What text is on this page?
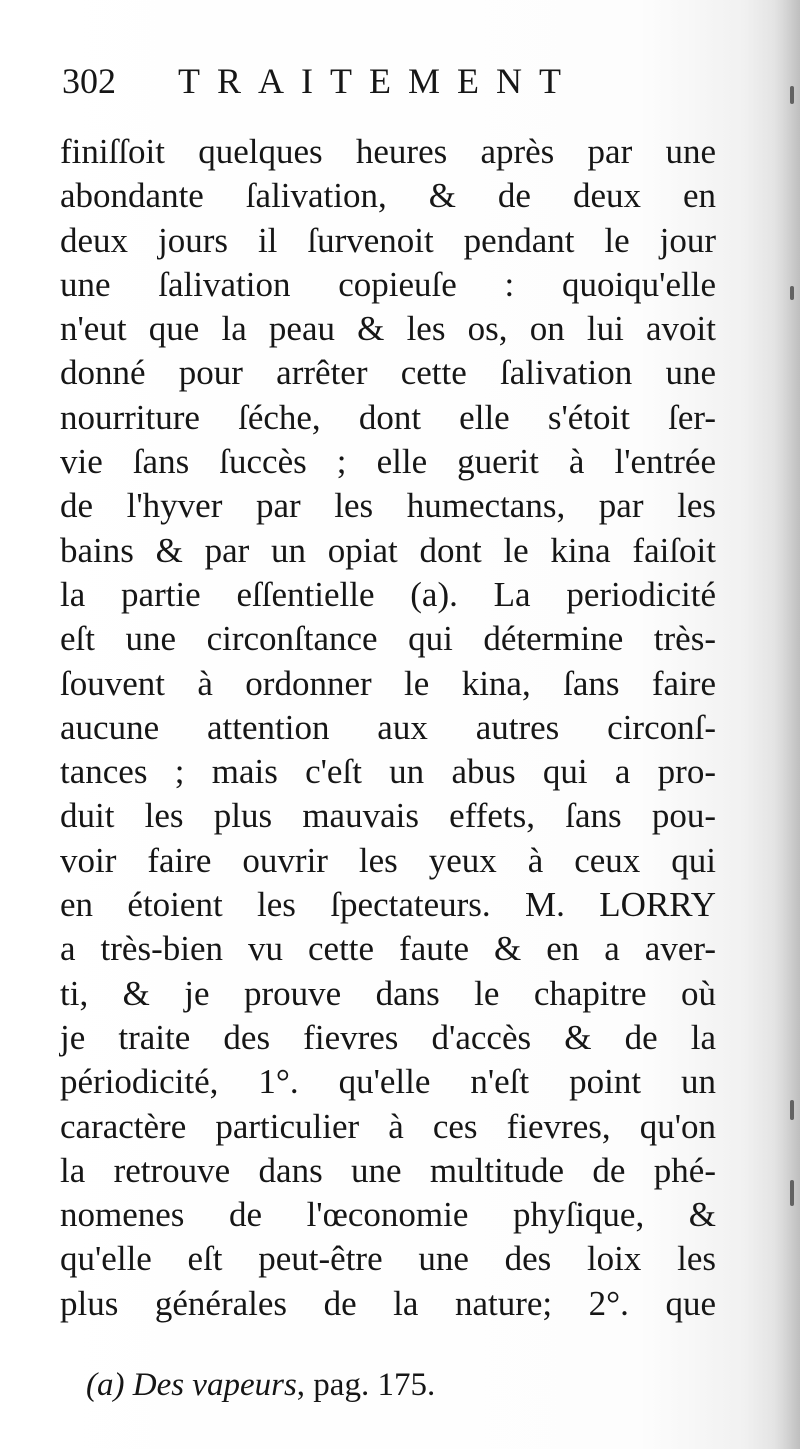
302 TRAITEMENT
finiſſoit quelques heures après par une
abondante ſalivation, & de deux en
deux jours il ſurvenoit pendant le jour
une ſalivation copieuſe : quoiqu'elle
n'eut que la peau & les os, on lui avoit
donné pour arrêter cette ſalivation une
nourriture ſéche, dont elle s'étoit ſer-
vie ſans ſuccès ; elle guerit à l'entrée
de l'hyver par les humectans, par les
bains & par un opiat dont le kina faiſoit
la partie eſſentielle (a). La periodicité
eſt une circonſtance qui détermine très-
ſouvent à ordonner le kina, ſans faire
aucune attention aux autres circonſ-
tances ; mais c'eſt un abus qui a pro-
duit les plus mauvais effets, ſans pou-
voir faire ouvrir les yeux à ceux qui
en étoient les ſpectateurs. M. LORRY
a très-bien vu cette faute & en a aver-
ti, & je prouve dans le chapitre où
je traite des fievres d'accès & de la
périodicité, 1°. qu'elle n'eſt point un
caractère particulier à ces fievres, qu'on
la retrouve dans une multitude de phé-
nomenes de l'œconomie phyſique, &
qu'elle eſt peut-être une des loix les
plus générales de la nature; 2°. que
(a) Des vapeurs, pag. 175.
